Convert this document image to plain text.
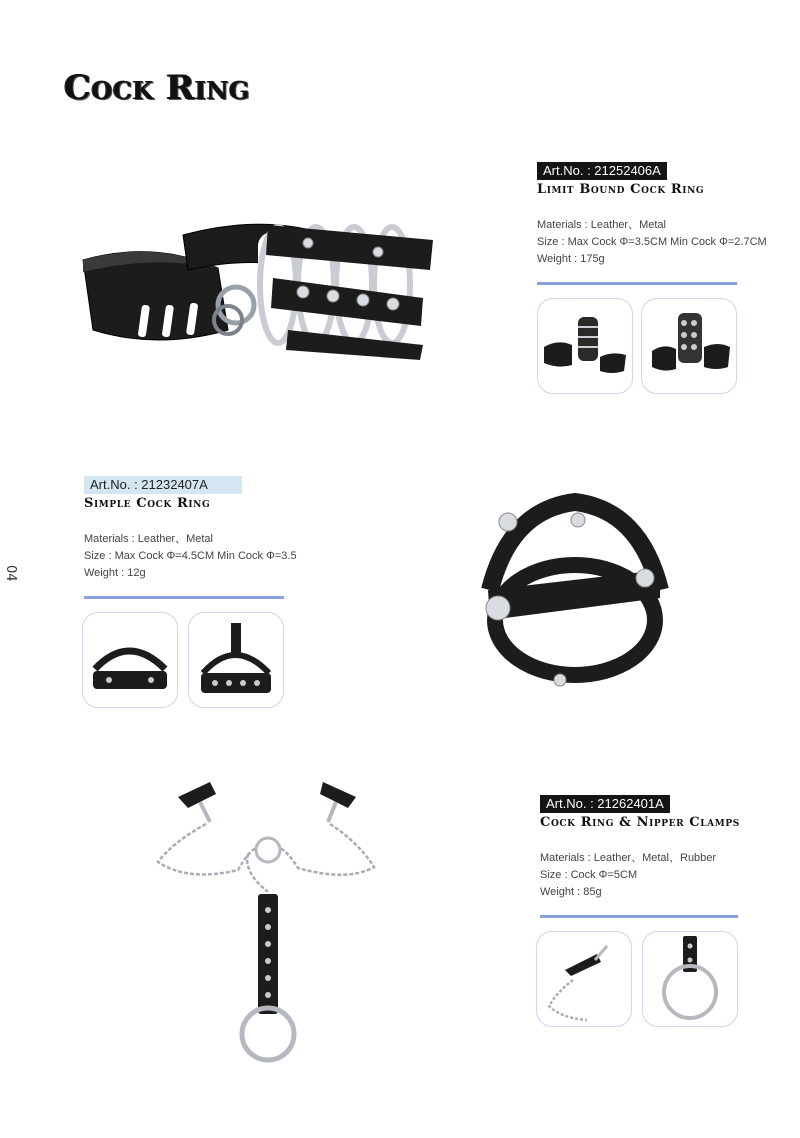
Cock Ring
04
Art.No. : 21252406A
Limit Bound Cock Ring
Materials : Leather、Metal
Size : Max Cock Φ=3.5CM Min Cock Φ=2.7CM
Weight : 175g
Art.No. : 21232407A
Simple Cock Ring
Materials : Leather、Metal
Size : Max Cock Φ=4.5CM Min Cock Φ=3.5
Weight : 12g
Art.No. : 21262401A
Cock Ring & Nipper Clamps
Materials : Leather、Metal、Rubber
Size : Cock Φ=5CM
Weight : 85g
